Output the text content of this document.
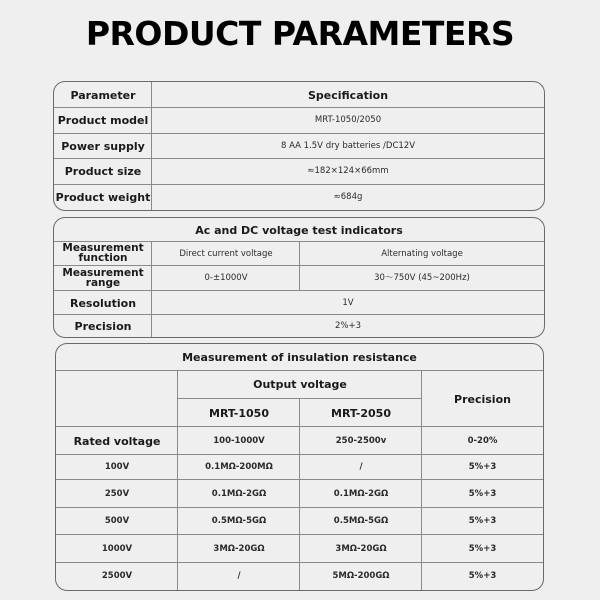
PRODUCT PARAMETERS
Parameter	Specification
Product model	MRT-1050/2050
Power supply	8 AA 1.5V dry batteries /DC12V
Product size	≈182×124×66mm
Product weight	≈684g
Ac and DC voltage test indicators
Measurement function	Direct current voltage	Alternating voltage
Measurement range	0-±1000V	30～750V (45~200Hz)
Resolution	1V
Precision	2%+3
Measurement of insulation resistance
Output voltage
Precision
MRT-1050	MRT-2050
Rated voltage	100-1000V	250-2500v	0-20%
100V	0.1MΩ-200MΩ	/	5%+3
250V	0.1MΩ-2GΩ	0.1MΩ-2GΩ	5%+3
500V	0.5MΩ-5GΩ	0.5MΩ-5GΩ	5%+3
1000V	3MΩ-20GΩ	3MΩ-20GΩ	5%+3
2500V	/	5MΩ-200GΩ	5%+3
